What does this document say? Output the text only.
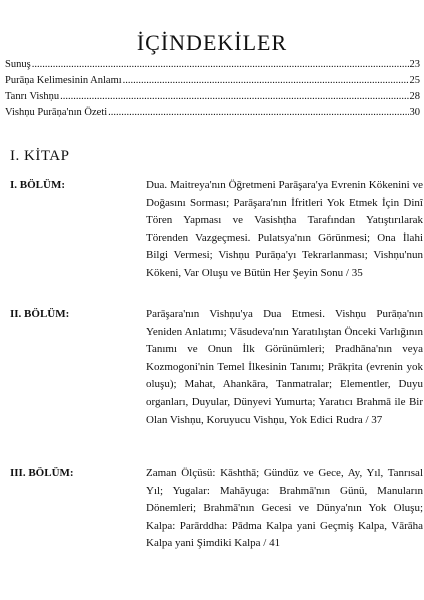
İÇİNDEKİLER
Sunuş .....	23
Purāṇa Kelimesinin Anlamı .....	25
Tanrı Vishṇu .....	28
Vishṇu Purāṇa'nın Özeti .....	30
I. KİTAP
I. BÖLÜM:	Dua. Maitreya'nın Öğretmeni Parāşara'ya Evrenin Kökenini ve Doğasını Sorması; Parāşara'nın İfritleri Yok Etmek İçin Dinî Tören Yapması ve Vasishṭha Tarafından Yatıştırılarak Törenden Vazgeçmesi. Pulatsya'nın Görünmesi; Ona İlahi Bilgi Vermesi; Vishṇu Purāṇa'yı Tekrarlanması; Vishṇu'nun Kökeni, Var Oluşu ve Bütün Her Şeyin Sonu / 35
II. BÖLÜM:	Parāşara'nın Vishṇu'ya Dua Etmesi. Vishṇu Purāṇa'nın Yeniden Anlatımı; Vāsudeva'nın Yaratılıştan Önceki Varlığının Tanımı ve Onun İlk Görünümleri; Pradhāna'nın veya Kozmogoni'nin Temel İlkesinin Tanımı; Prākṛita (evrenin yok oluşu); Mahat, Ahankāra, Tanmatralar; Elementler, Duyu organları, Duyular, Dünyevi Yumurta; Yaratıcı Brahmā ile Bir Olan Vishṇu, Koruyucu Vishṇu, Yok Edici Rudra / 37
III. BÖLÜM:	Zaman Ölçüsü: Kāshthā; Gündüz ve Gece, Ay, Yıl, Tanrısal Yıl; Yugalar: Mahāyuga: Brahmā'nın Günü, Manuların Dönemleri; Brahmā'nın Gecesi ve Dünya'nın Yok Oluşu; Kalpa: Parārddha: Pādma Kalpa yani Geçmiş Kalpa, Vārāha Kalpa yani Şimdiki Kalpa / 41
